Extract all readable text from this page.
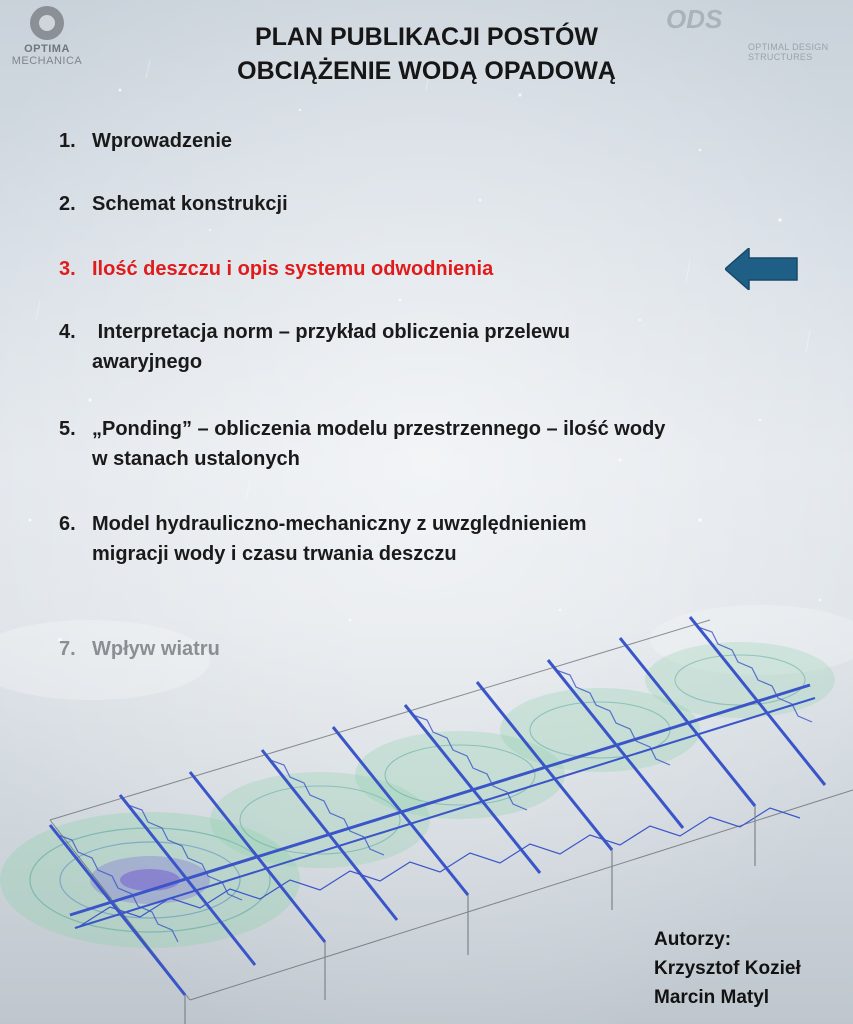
OPTIMA
MECHANICA
ODS
OPTIMAL DESIGN
STRUCTURES
PLAN PUBLIKACJI POSTÓW
OBCIĄŻENIE WODĄ OPADOWĄ
1. Wprowadzenie
2. Schemat konstrukcji
3. Ilość deszczu i opis systemu odwodnienia
4. Interpretacja norm – przykład obliczenia przelewu awaryjnego
5. „Ponding” – obliczenia modelu przestrzennego – ilość wody w stanach ustalonych
6. Model hydrauliczno-mechaniczny z uwzględnieniem migracji wody i czasu trwania deszczu
7. Wpływ wiatru
Autorzy:
Krzysztof Kozieł
Marcin Matyl
